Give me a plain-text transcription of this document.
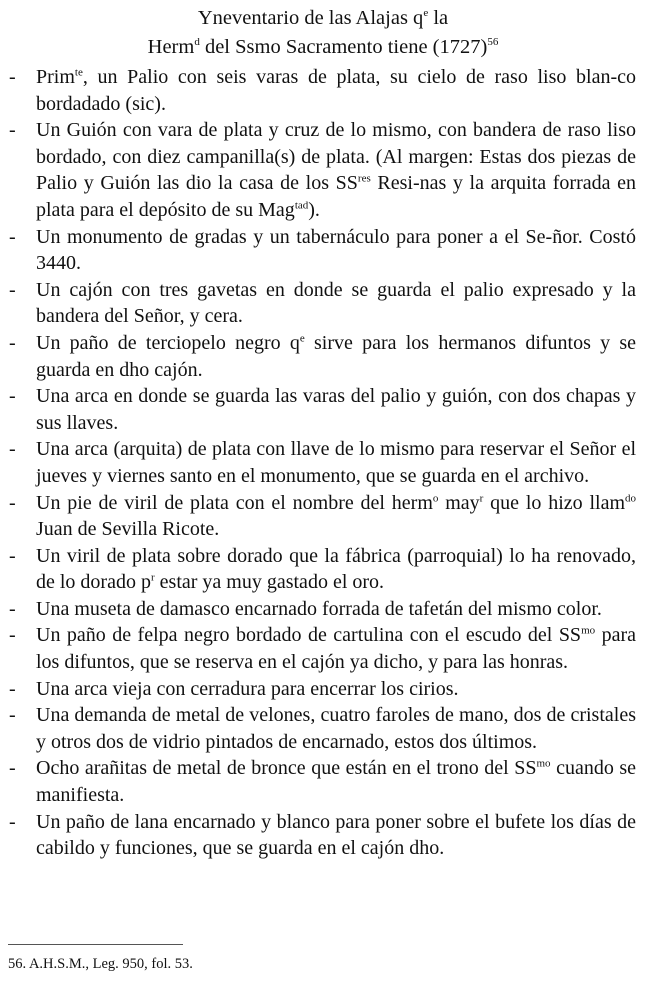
Yneventario de las Alajas $q^e$ la
Herm$^d$ del Ssmo Sacramento tiene $(1727)^{56}$
- Prim$^{te}$, un Palio con seis varas de plata, su cielo de raso liso blan-co bordadado (sic).
- Un Guión con vara de plata y cruz de lo mismo, con bandera de raso liso bordado, con diez campanilla(s) de plata. (Al margen: Estas dos piezas de Palio y Guión las dio la casa de los $SS^{res}$ Resi-nas y la arquita forrada en plata para el depósito de su Mag$^{tad}$).
- Un monumento de gradas y un tabernáculo para poner a el Se-ñor. Costó 3440.
- Un cajón con tres gavetas en donde se guarda el palio expresado y la bandera del Señor, y cera.
- Un paño de terciopelo negro $q^e$ sirve para los hermanos difuntos y se guarda en dho cajón.
- Una arca en donde se guarda las varas del palio y guión, con dos chapas y sus llaves.
- Una arca (arquita) de plata con llave de lo mismo para reservar el Señor el jueves y viernes santo en el monumento, que se guarda en el archivo.
- Un pie de viril de plata con el nombre del herm$^o$ may$^r$ que lo hizo llam$^{do}$ Juan de Sevilla Ricote.
- Un viril de plata sobre dorado que la fábrica (parroquial) lo ha renovado, de lo dorado $p^r$ estar ya muy gastado el oro.
- Una museta de damasco encarnado forrada de tafetán del mismo color.
- Un paño de felpa negro bordado de cartulina con el escudo del $SS^{mo}$ para los difuntos, que se reserva en el cajón ya dicho, y para las honras.
- Una arca vieja con cerradura para encerrar los cirios.
- Una demanda de metal de velones, cuatro faroles de mano, dos de cristales y otros dos de vidrio pintados de encarnado, estos dos últimos.
- Ocho arañitas de metal de bronce que están en el trono del $SS^{mo}$ cuando se manifiesta.
- Un paño de lana encarnado y blanco para poner sobre el bufete los días de cabildo y funciones, que se guarda en el cajón dho.
56. A.H.S.M., Leg. 950, fol. 53.
